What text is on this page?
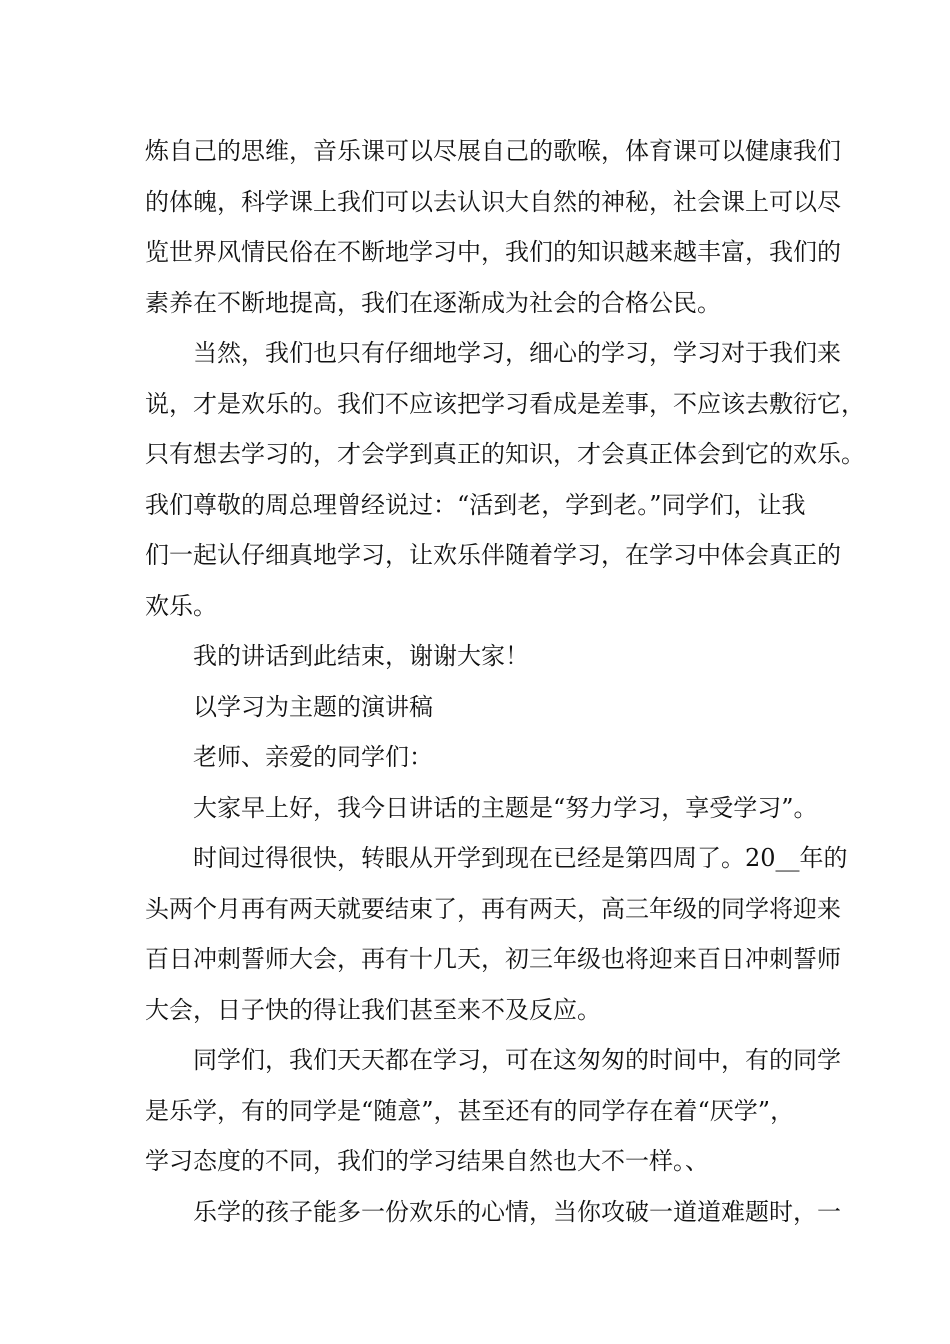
炼自己的思维，音乐课可以尽展自己的歌喉，体育课可以健康我们
的体魄，科学课上我们可以去认识大自然的神秘，社会课上可以尽
览世界风情民俗在不断地学习中，我们的知识越来越丰富，我们的
素养在不断地提高，我们在逐渐成为社会的合格公民。
当然，我们也只有仔细地学习，细心的学习，学习对于我们来
说，才是欢乐的。我们不应该把学习看成是差事，不应该去敷衍它，
只有想去学习的，才会学到真正的知识，才会真正体会到它的欢乐。
我们尊敬的周总理曾经说过：“活到老，学到老。”同学们，让我
们一起认仔细真地学习，让欢乐伴随着学习，在学习中体会真正的
欢乐。
我的讲话到此结束，谢谢大家！
以学习为主题的演讲稿
老师、亲爱的同学们：
大家早上好，我今日讲话的主题是“努力学习，享受学习”。
时间过得很快，转眼从开学到现在已经是第四周了。20__年的
头两个月再有两天就要结束了，再有两天，高三年级的同学将迎来
百日冲刺誓师大会，再有十几天，初三年级也将迎来百日冲刺誓师
大会，日子快的得让我们甚至来不及反应。
同学们，我们天天都在学习，可在这匆匆的时间中，有的同学
是乐学，有的同学是“随意”，甚至还有的同学存在着“厌学”，
学习态度的不同，我们的学习结果自然也大不一样。、
乐学的孩子能多一份欢乐的心情，当你攻破一道道难题时，一
